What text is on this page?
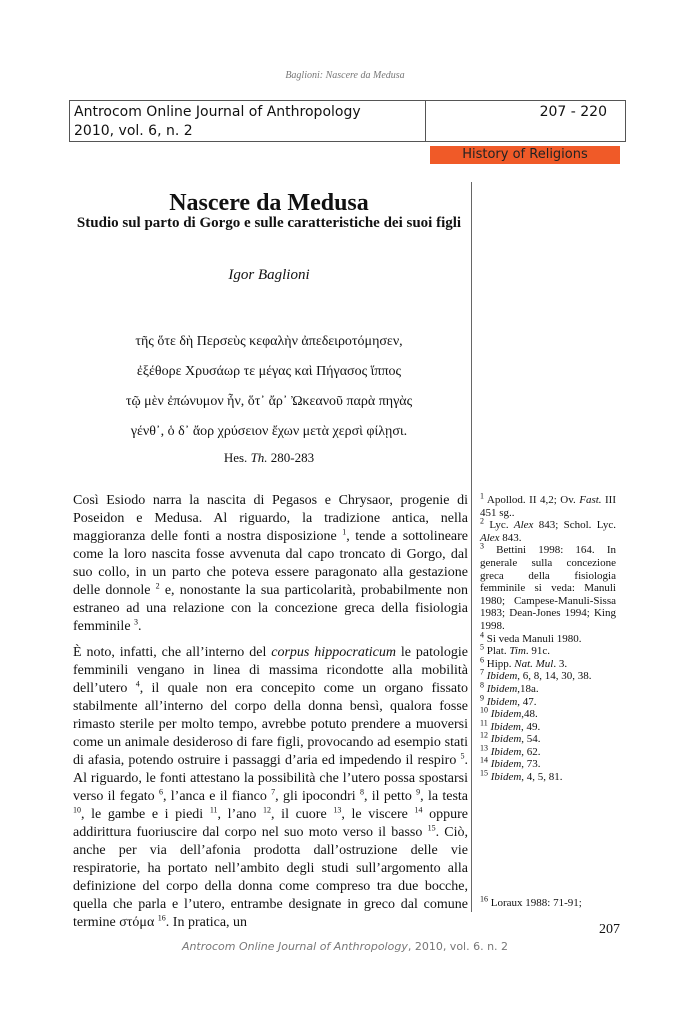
Baglioni: Nascere da Medusa
Antrocom Online Journal of Anthropology
2010, vol. 6, n. 2
207 - 220
History of Religions
Nascere da Medusa
Studio sul parto di Gorgo e sulle caratteristiche dei suoi figli
Igor Baglioni
τῆς ὅτε δὴ Περσεὺς κεφαλὴν ἀπεδειροτόμησεν,
ἐξέθορε Χρυσάωρ τε μέγας καὶ Πήγασος ἵππος
τῷ μὲν ἐπώνυμον ἦν, ὅτ᾿ ἄρ᾿ Ὠκεανοῦ παρὰ πηγὰς
γένθ᾿, ὁ δ᾿ ἄορ χρύσειον ἔχων μετὰ χερσὶ φίλῃσι.
Hes. Th. 280-283

Così Esiodo narra la nascita di Pegasos e Chrysaor, progenie di Poseidon e Medusa. Al riguardo, la tradizione antica, nella maggioranza delle fonti a nostra disposizione $^1$, tende a sottolineare come la loro nascita fosse avvenuta dal capo troncato di Gorgo, dal suo collo, in un parto che poteva essere paragonato alla gestazione delle donnole $^2$ e, nonostante la sua particolarità, probabilmente non estraneo ad una relazione con la concezione greca della fisiologia femminile $^3$.

È noto, infatti, che all’interno del corpus hippocraticum le patologie femminili vengano in linea di massima ricondotte alla mobilità dell’utero $^4$, il quale non era concepito come un organo fissato stabilmente all’interno del corpo della donna bensì, qualora fosse rimasto sterile per molto tempo, avrebbe potuto prendere a muoversi come un animale desideroso di fare figli, provocando ad esempio stati di afasia, potendo ostruire i passaggi d’aria ed impedendo il respiro $^5$. Al riguardo, le fonti attestano la possibilità che l’utero possa spostarsi verso il fegato $^6$, l’anca e il fianco $^7$, gli ipocondri $^8$, il petto $^9$, la testa $^{10}$, le gambe e i piedi $^{11}$, l’ano $^{12}$, il cuore $^{13}$, le viscere $^{14}$ oppure addirittura fuoriuscire dal corpo nel suo moto verso il basso $^{15}$. Ciò, anche per via dell’afonia prodotta dall’ostruzione delle vie respiratorie, ha portato nell’ambito degli studi sull’argomento alla definizione del corpo della donna come compreso tra due bocche, quella che parla e l’utero, entrambe designate in greco dal comune termine στόμα $^{16}$. In pratica, un

$^1$ Apollod. II 4,2; Ov. Fast. III 451 sg..

$^2$ Lyc. Alex 843; Schol. Lyc. Alex 843.

$^3$ Bettini 1998: 164. In generale sulla concezione greca della fisiologia femminile si veda: Manuli 1980; Campese-Manuli-Sissa 1983; Dean-Jones 1994; King 1998.

$^4$ Si veda Manuli 1980.

$^5$ Plat. Tim. 91c.

$^6$ Hipp. Nat. Mul. 3.

$^7$ Ibidem, 6, 8, 14, 30, 38.

$^8$ Ibidem,18a.

$^9$ Ibidem, 47.

$^{10}$ Ibidem,48.

$^{11}$ Ibidem, 49.

$^{12}$ Ibidem, 54.

$^{13}$ Ibidem, 62.

$^{14}$ Ibidem, 73.

$^{15}$ Ibidem, 4, 5, 81.

$^{16}$ Loraux 1988: 71-91;
207
Antrocom Online Journal of Anthropology, 2010, vol. 6. n. 2
